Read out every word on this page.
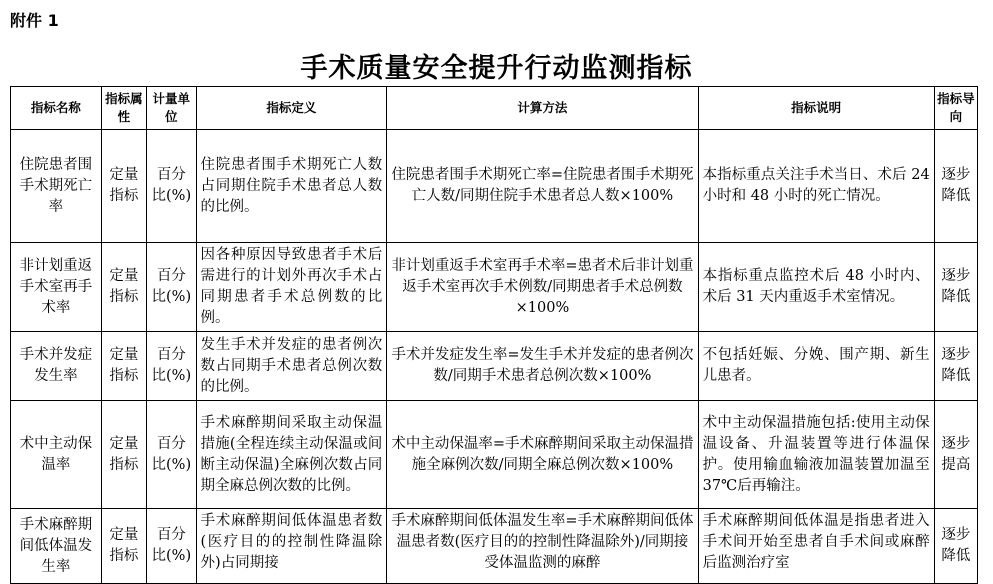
附件 1
手术质量安全提升行动监测指标
指标名称	指标属性	计量单位	指标定义	计算方法	指标说明	指标导向
住院患者围手术期死亡率	定量指标	百分比(%)	住院患者围手术期死亡人数占同期住院手术患者总人数的比例。	住院患者围手术期死亡率=住院患者围手术期死亡人数/同期住院手术患者总人数×100%	本指标重点关注手术当日、术后 24 小时和 48 小时的死亡情况。	逐步降低
非计划重返手术室再手术率	定量指标	百分比(%)	因各种原因导致患者手术后需进行的计划外再次手术占同期患者手术总例数的比例。	非计划重返手术室再手术率=患者术后非计划重返手术室再次手术例数/同期患者手术总例数×100%	本指标重点监控术后 48 小时内、术后 31 天内重返手术室情况。	逐步降低
手术并发症发生率	定量指标	百分比(%)	发生手术并发症的患者例次数占同期手术患者总例次数的比例。	手术并发症发生率=发生手术并发症的患者例次数/同期手术患者总例次数×100%	不包括妊娠、分娩、围产期、新生儿患者。	逐步降低
术中主动保温率	定量指标	百分比(%)	手术麻醉期间采取主动保温措施(全程连续主动保温或间断主动保温)全麻例次数占同期全麻总例次数的比例。	术中主动保温率=手术麻醉期间采取主动保温措施全麻例次数/同期全麻总例次数×100%	术中主动保温措施包括:使用主动保温设备、升温装置等进行体温保护。使用输血输液加温装置加温至 37℃后再输注。	逐步提高
手术麻醉期间低体温发生率	定量指标	百分比(%)	手术麻醉期间低体温患者数(医疗目的的控制性降温除外)占同期接	手术麻醉期间低体温发生率=手术麻醉期间低体温患者数(医疗目的的控制性降温除外)/同期接受体温监测的麻醉	手术麻醉期间低体温是指患者进入手术间开始至患者自手术间或麻醉后监测治疗室	逐步降低
